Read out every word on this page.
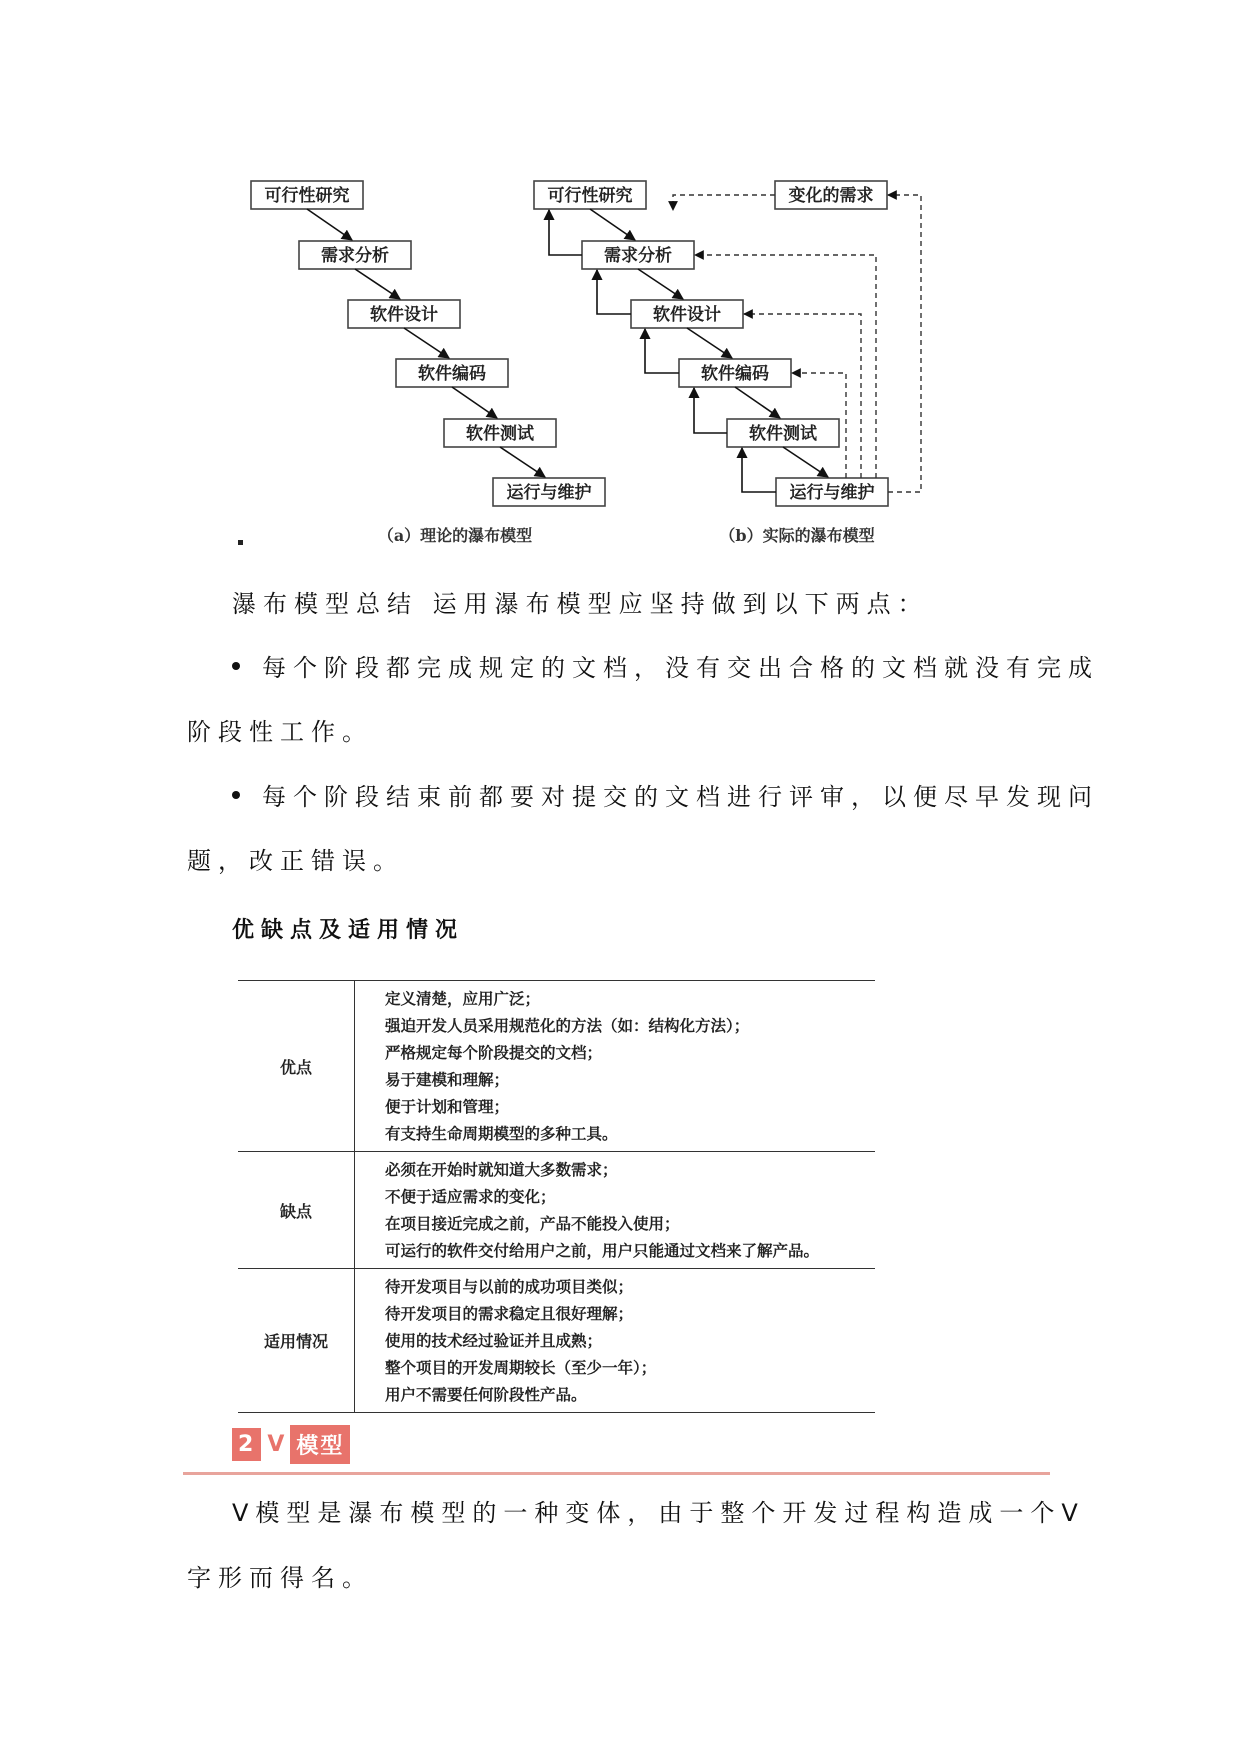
可行性研究
需求分析
软件设计
软件编码
软件测试
运行与维护
（a）理论的瀑布模型
可行性研究
需求分析
软件设计
软件编码
软件测试
运行与维护
变化的需求
（b）实际的瀑布模型

瀑布模型总结 运用瀑布模型应坚持做到以下两点：

每个阶段都完成规定的文档，没有交出合格的文档就没有完成

阶段性工作。

每个阶段结束前都要对提交的文档进行评审，以便尽早发现问

题，改正错误。

优缺点及适用情况
优点
定义清楚，应用广泛；
强迫开发人员采用规范化的方法（如：结构化方法）；
严格规定每个阶段提交的文档；
易于建模和理解；
便于计划和管理；
有支持生命周期模型的多种工具。
缺点
必须在开始时就知道大多数需求；
不便于适应需求的变化；
在项目接近完成之前，产品不能投入使用；
可运行的软件交付给用户之前，用户只能通过文档来了解产品。
适用情况
待开发项目与以前的成功项目类似；
待开发项目的需求稳定且很好理解；
使用的技术经过验证并且成熟；
整个项目的开发周期较长（至少一年）；
用户不需要任何阶段性产品。
2 V 模型

V模型是瀑布模型的一种变体，由于整个开发过程构造成一个V

字形而得名。
